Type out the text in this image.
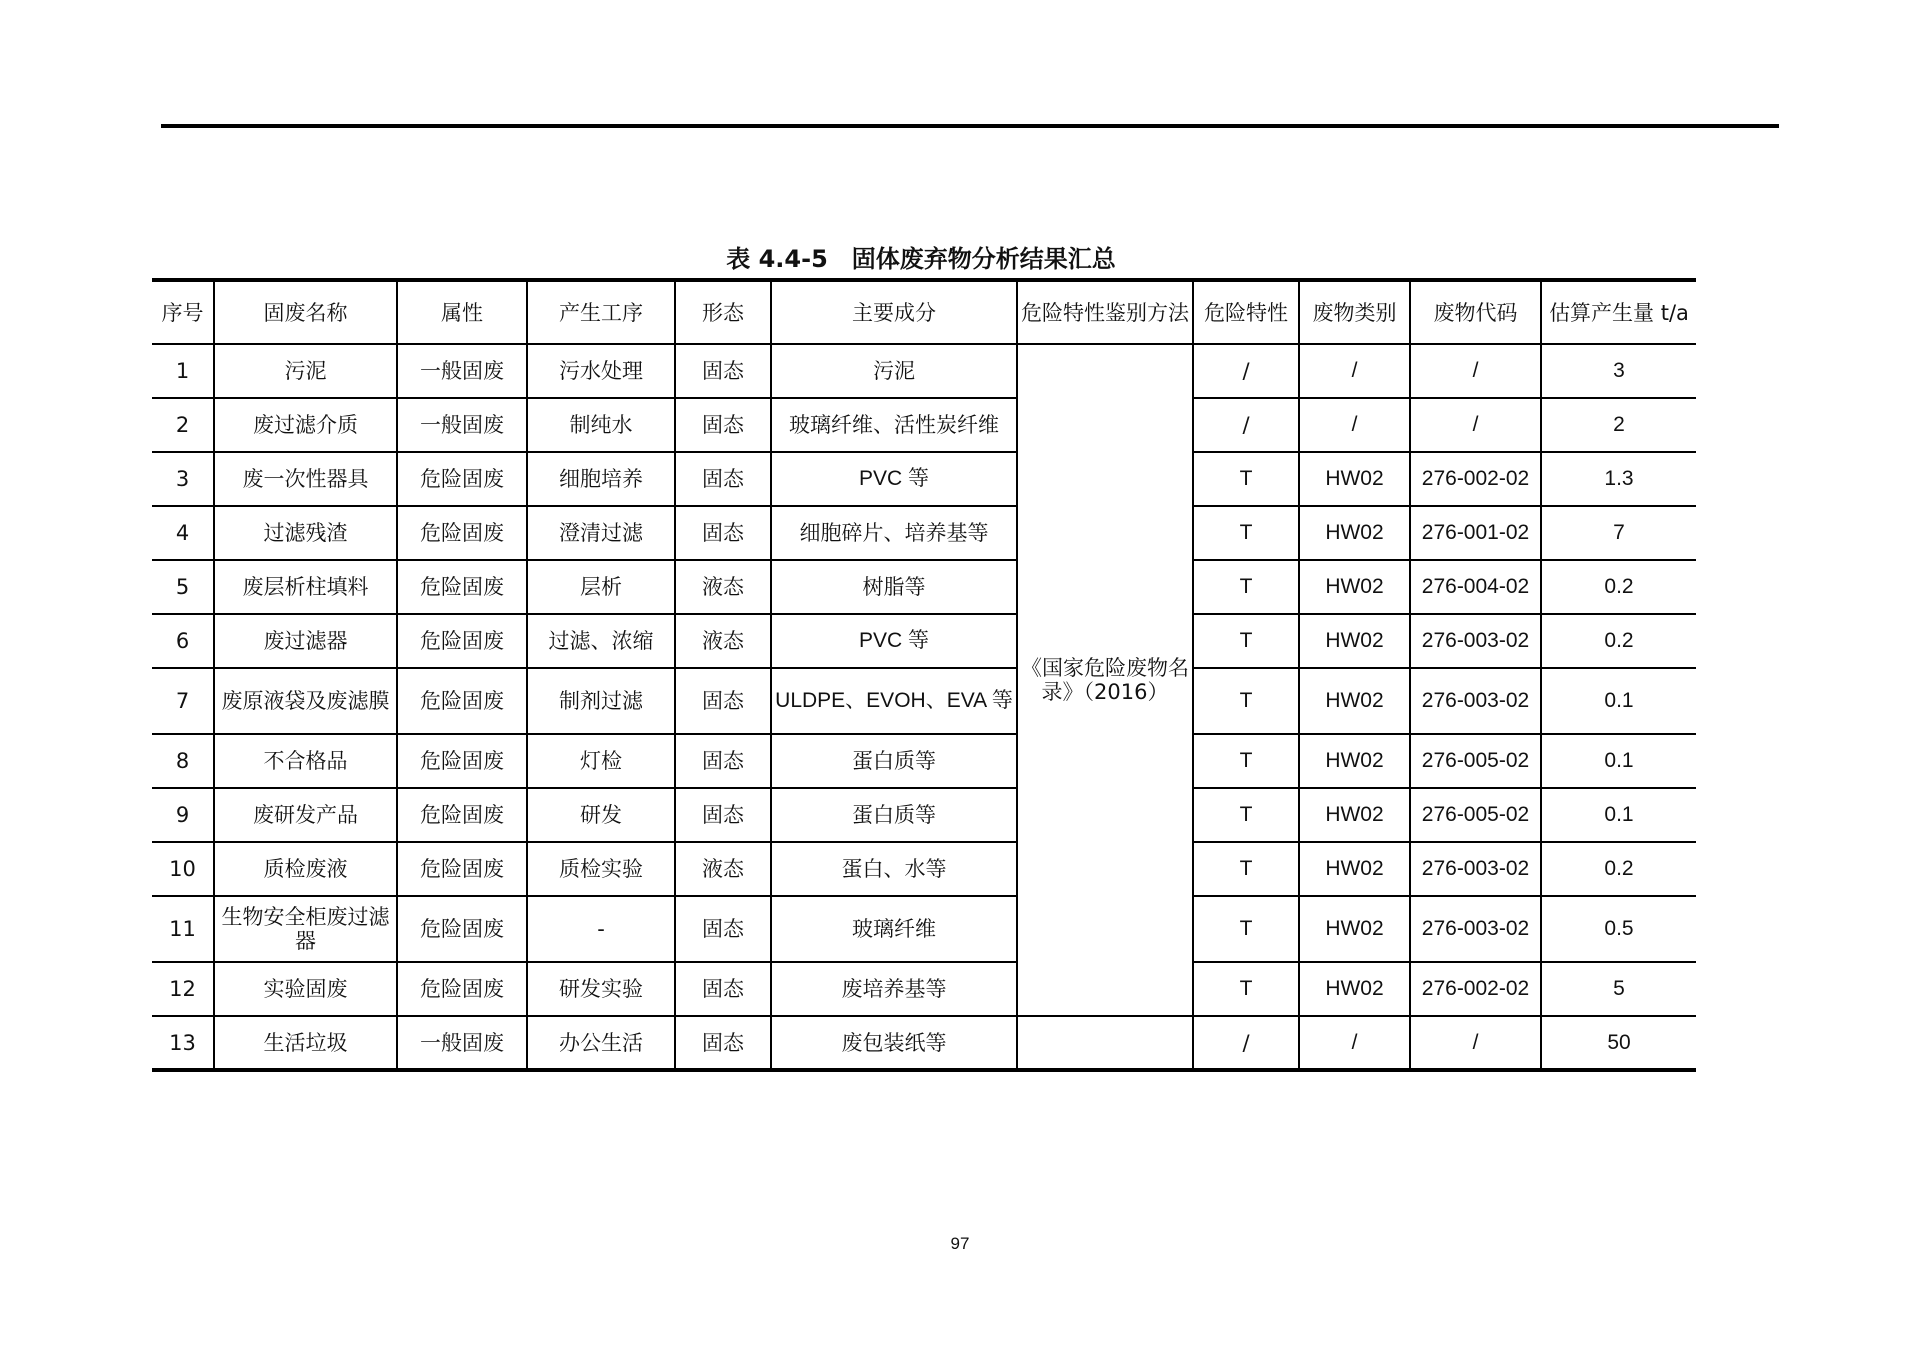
表 4.4-5　固体废弃物分析结果汇总
序号	固废名称	属性	产生工序	形态	主要成分	危险特性鉴别方法	危险特性	废物类别	废物代码	估算产生量 t/a
1	污泥	一般固废	污水处理	固态	污泥	《国家危险废物名录》（2016）	/	/	/	3
2	废过滤介质	一般固废	制纯水	固态	玻璃纤维、活性炭纤维		/	/	/	2
3	废一次性器具	危险固废	细胞培养	固态	PVC 等		T	HW02	276-002-02	1.3
4	过滤残渣	危险固废	澄清过滤	固态	细胞碎片、培养基等		T	HW02	276-001-02	7
5	废层析柱填料	危险固废	层析	液态	树脂等		T	HW02	276-004-02	0.2
6	废过滤器	危险固废	过滤、浓缩	液态	PVC 等		T	HW02	276-003-02	0.2
7	废原液袋及废滤膜	危险固废	制剂过滤	固态	ULDPE、EVOH、EVA 等		T	HW02	276-003-02	0.1
8	不合格品	危险固废	灯检	固态	蛋白质等		T	HW02	276-005-02	0.1
9	废研发产品	危险固废	研发	固态	蛋白质等		T	HW02	276-005-02	0.1
10	质检废液	危险固废	质检实验	液态	蛋白、水等		T	HW02	276-003-02	0.2
11	生物安全柜废过滤器	危险固废	-	固态	玻璃纤维		T	HW02	276-003-02	0.5
12	实验固废	危险固废	研发实验	固态	废培养基等		T	HW02	276-002-02	5
13	生活垃圾	一般固废	办公生活	固态	废包装纸等		/	/	/	50
97
